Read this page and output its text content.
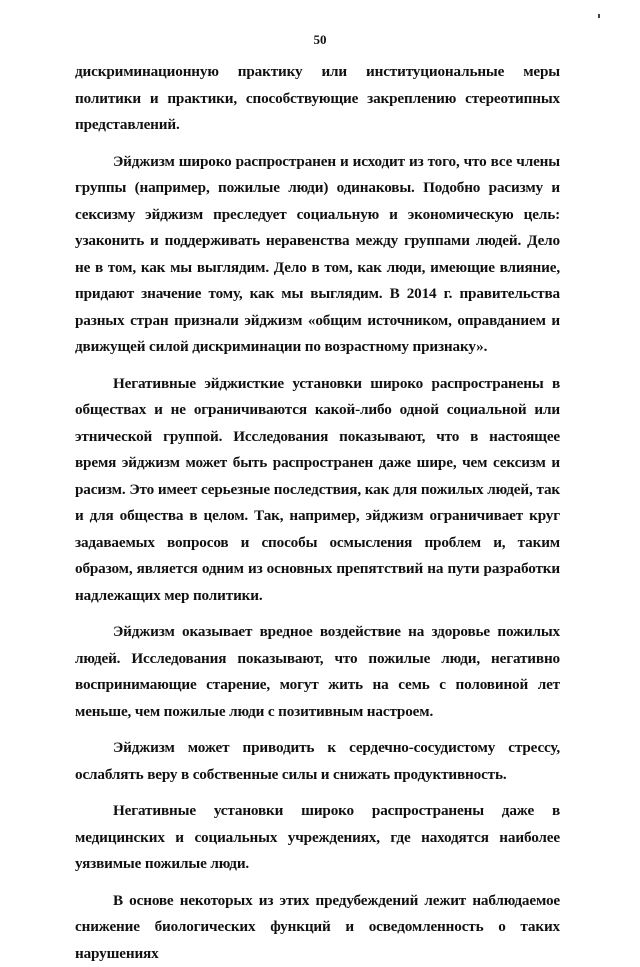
50

дискриминационную практику или институциональные меры политики и практики, способствующие закреплению стереотипных представлений.

Эйджизм широко распространен и исходит из того, что все члены группы (например, пожилые люди) одинаковы. Подобно расизму и сексизму эйджизм преследует социальную и экономическую цель: узаконить и поддерживать неравенства между группами людей. Дело не в том, как мы выглядим. Дело в том, как люди, имеющие влияние, придают значение тому, как мы выглядим. В 2014 г. правительства разных стран признали эйджизм «общим источником, оправданием и движущей силой дискриминации по возрастному признаку».

Негативные эйджисткие установки широко распространены в обществах и не ограничиваются какой-либо одной социальной или этнической группой. Исследования показывают, что в настоящее время эйджизм может быть распространен даже шире, чем сексизм и расизм. Это имеет серьезные последствия, как для пожилых людей, так и для общества в целом. Так, например, эйджизм ограничивает круг задаваемых вопросов и способы осмысления проблем и, таким образом, является одним из основных препятствий на пути разработки надлежащих мер политики.

Эйджизм оказывает вредное воздействие на здоровье пожилых людей. Исследования показывают, что пожилые люди, негативно воспринимающие старение, могут жить на семь с половиной лет меньше, чем пожилые люди с позитивным настроем.

Эйджизм может приводить к сердечно-сосудистому стрессу, ослаблять веру в собственные силы и снижать продуктивность.

Негативные установки широко распространены даже в медицинских и социальных учреждениях, где находятся наиболее уязвимые пожилые люди.

В основе некоторых из этих предубеждений лежит наблюдаемое снижение биологических функций и осведомленность о таких нарушениях
